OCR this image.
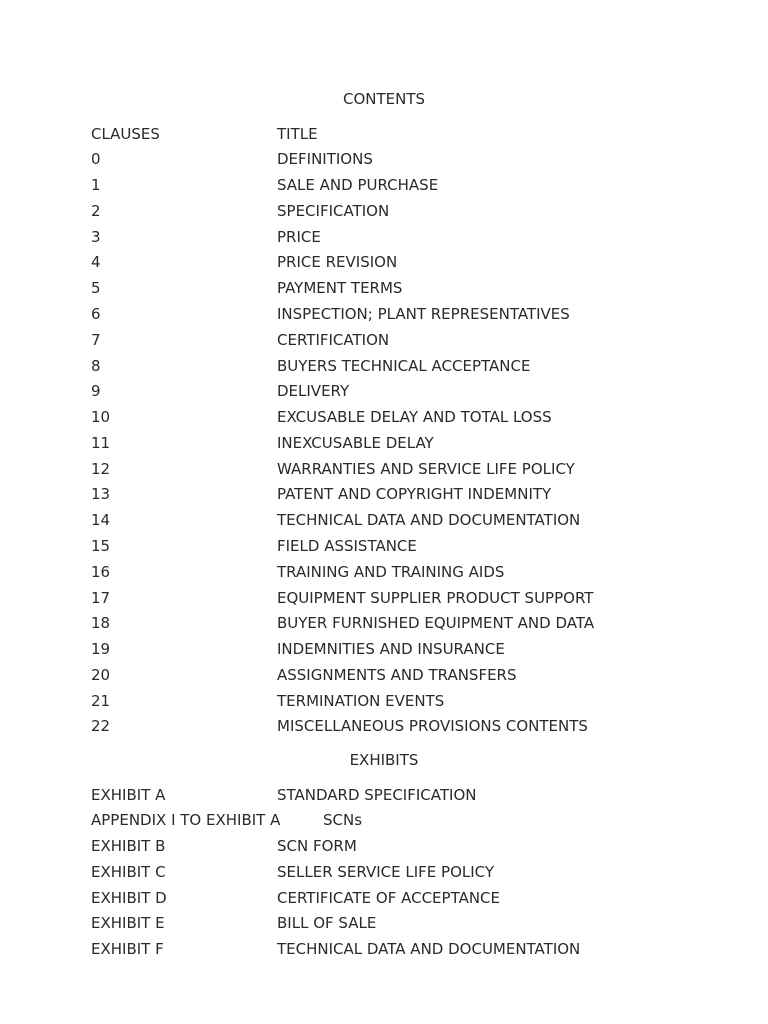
CONTENTS
CLAUSES	TITLE
0	DEFINITIONS
1	SALE AND PURCHASE
2	SPECIFICATION
3	PRICE
4	PRICE REVISION
5	PAYMENT TERMS
6	INSPECTION; PLANT REPRESENTATIVES
7	CERTIFICATION
8	BUYERS TECHNICAL ACCEPTANCE
9	DELIVERY
10	EXCUSABLE DELAY AND TOTAL LOSS
11	INEXCUSABLE DELAY
12	WARRANTIES AND SERVICE LIFE POLICY
13	PATENT AND COPYRIGHT INDEMNITY
14	TECHNICAL DATA AND DOCUMENTATION
15	FIELD ASSISTANCE
16	TRAINING AND TRAINING AIDS
17	EQUIPMENT SUPPLIER PRODUCT SUPPORT
18	BUYER FURNISHED EQUIPMENT AND DATA
19	INDEMNITIES AND INSURANCE
20	ASSIGNMENTS AND TRANSFERS
21	TERMINATION EVENTS
22	MISCELLANEOUS PROVISIONS CONTENTS
EXHIBITS
EXHIBIT A	STANDARD SPECIFICATION
APPENDIX I TO EXHIBIT A	SCNs
EXHIBIT B	SCN FORM
EXHIBIT C	SELLER SERVICE LIFE POLICY
EXHIBIT D	CERTIFICATE OF ACCEPTANCE
EXHIBIT E	BILL OF SALE
EXHIBIT F	TECHNICAL DATA AND DOCUMENTATION
